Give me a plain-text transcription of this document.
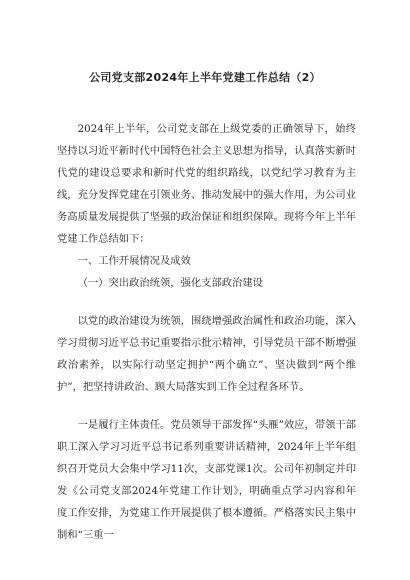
公司党支部2024年上半年党建工作总结（2）

2024年上半年，公司党支部在上级党委的正确领导下，始终坚持以习近平新时代中国特色社会主义思想为指导，认真落实新时代党的建设总要求和新时代党的组织路线，以党纪学习教育为主线，充分发挥党建在引领业务、推动发展中的强大作用，为公司业务高质量发展提供了坚强的政治保证和组织保障。现将今年上半年党建工作总结如下：

一、工作开展情况及成效

（一）突出政治统领，强化支部政治建设

以党的政治建设为统领，围绕增强政治属性和政治功能，深入学习贯彻习近平总书记重要指示批示精神，引导党员干部不断增强政治素养，以实际行动坚定拥护“两个确立”、坚决做到“两个维护”，把坚持讲政治、顾大局落实到工作全过程各环节。

一是履行主体责任。党员领导干部发挥“头雁”效应，带领干部职工深入学习习近平总书记系列重要讲话精神，2024年上半年组织召开党员大会集中学习11次，支部党课1次。公司年初制定并印发《公司党支部2024年党建工作计划》，明确重点学习内容和年度工作安排，为党建工作开展提供了根本遵循。严格落实民主集中制和“三重一
